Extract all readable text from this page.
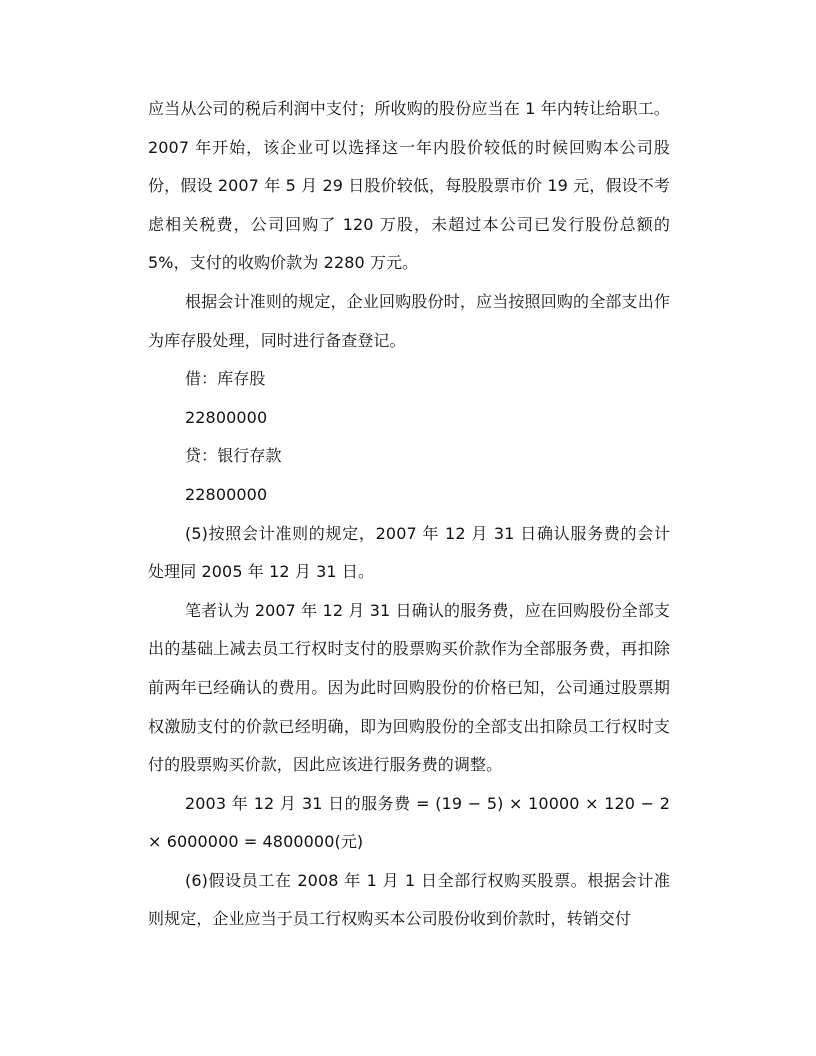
应当从公司的税后利润中支付；所收购的股份应当在 1 年内转让给职工。2007 年开始，该企业可以选择这一年内股价较低的时候回购本公司股份，假设 2007 年 5 月 29 日股价较低，每股股票市价 19 元，假设不考虑相关税费，公司回购了 120 万股，未超过本公司已发行股份总额的 5%，支付的收购价款为 2280 万元。

根据会计准则的规定，企业回购股份时，应当按照回购的全部支出作为库存股处理，同时进行备查登记。

借：库存股

22800000

贷：银行存款

22800000

(5)按照会计准则的规定，2007 年 12 月 31 日确认服务费的会计处理同 2005 年 12 月 31 日。

笔者认为 2007 年 12 月 31 日确认的服务费，应在回购股份全部支出的基础上减去员工行权时支付的股票购买价款作为全部服务费，再扣除前两年已经确认的费用。因为此时回购股份的价格已知，公司通过股票期权激励支付的价款已经明确，即为回购股份的全部支出扣除员工行权时支付的股票购买价款，因此应该进行服务费的调整。

2003 年 12 月 31 日的服务费 = (19 − 5) × 10000 × 120 − 2 × 6000000 = 4800000(元)

(6)假设员工在 2008 年 1 月 1 日全部行权购买股票。根据会计准则规定，企业应当于员工行权购买本公司股份收到价款时，转销交付
